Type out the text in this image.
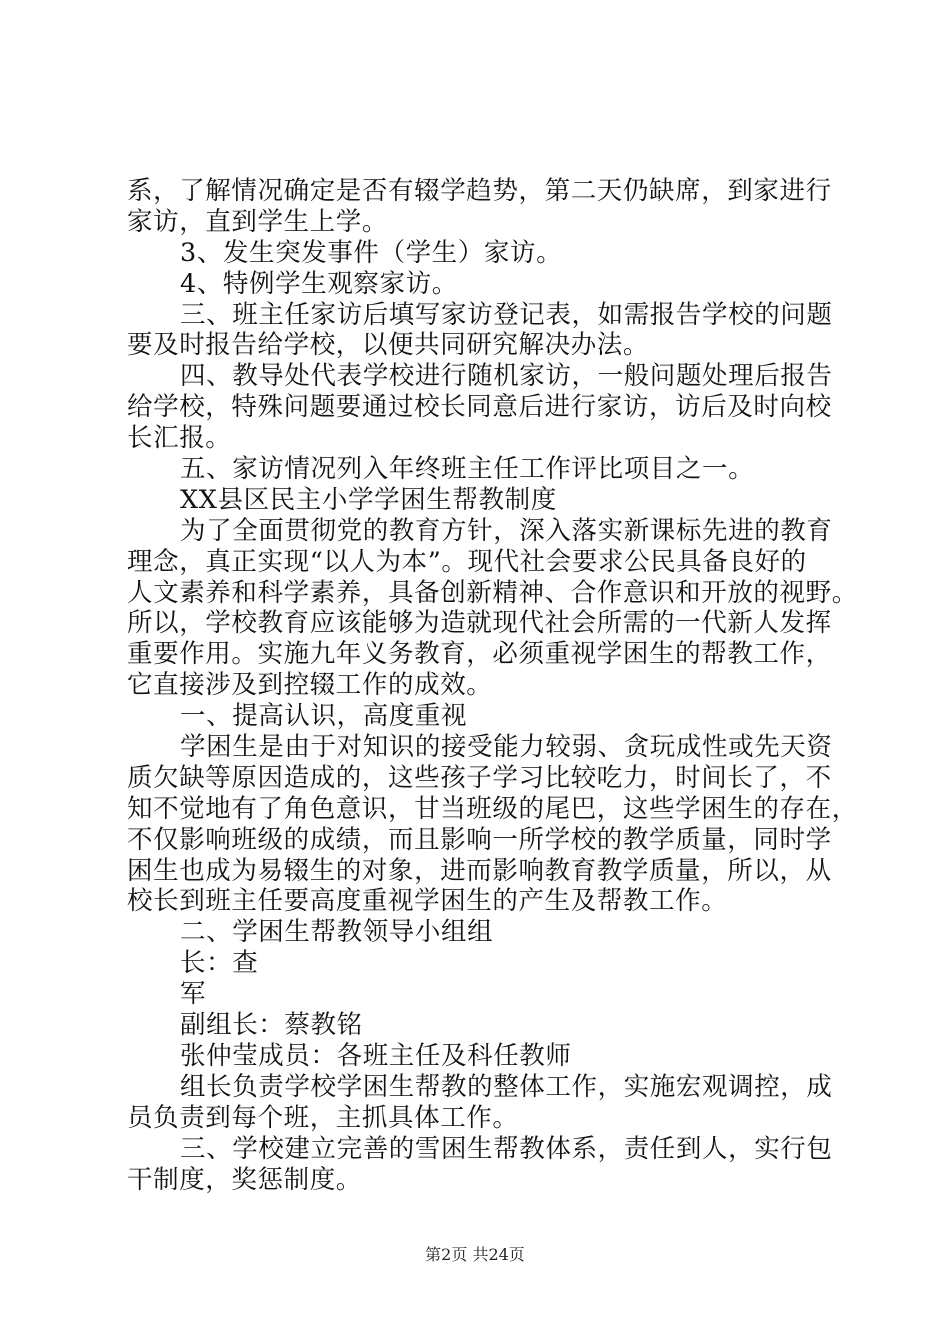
系，了解情况确定是否有辍学趋势，第二天仍缺席，到家进行
家访，直到学生上学。
3、发生突发事件（学生）家访。
4、特例学生观察家访。
三、班主任家访后填写家访登记表，如需报告学校的问题
要及时报告给学校，以便共同研究解决办法。
四、教导处代表学校进行随机家访，一般问题处理后报告
给学校，特殊问题要通过校长同意后进行家访，访后及时向校
长汇报。
五、家访情况列入年终班主任工作评比项目之一。
XX县区民主小学学困生帮教制度
为了全面贯彻党的教育方针，深入落实新课标先进的教育
理念，真正实现“以人为本”。现代社会要求公民具备良好的
人文素养和科学素养，具备创新精神、合作意识和开放的视野。
所以，学校教育应该能够为造就现代社会所需的一代新人发挥
重要作用。实施九年义务教育，必须重视学困生的帮教工作，
它直接涉及到控辍工作的成效。
一、提高认识，高度重视
学困生是由于对知识的接受能力较弱、贪玩成性或先天资
质欠缺等原因造成的，这些孩子学习比较吃力，时间长了，不
知不觉地有了角色意识，甘当班级的尾巴，这些学困生的存在，
不仅影响班级的成绩，而且影响一所学校的教学质量，同时学
困生也成为易辍生的对象，进而影响教育教学质量，所以，从
校长到班主任要高度重视学困生的产生及帮教工作。
二、学困生帮教领导小组组
长：查
军
副组长：蔡教铭
张仲莹成员：各班主任及科任教师
组长负责学校学困生帮教的整体工作，实施宏观调控，成
员负责到每个班，主抓具体工作。
三、学校建立完善的雪困生帮教体系，责任到人，实行包
干制度，奖惩制度。
第2页 共24页
